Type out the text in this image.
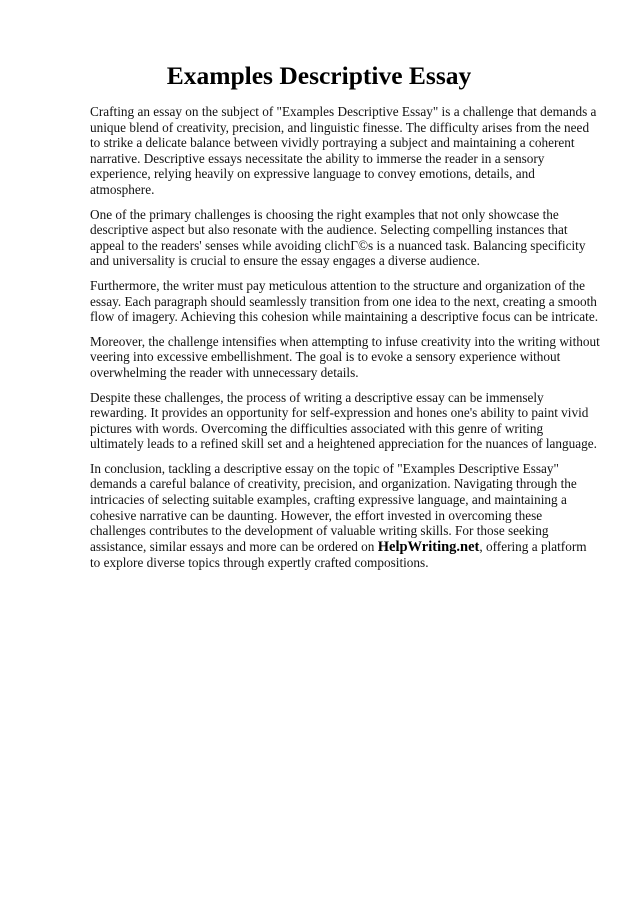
Examples Descriptive Essay

Crafting an essay on the subject of "Examples Descriptive Essay" is a challenge that demands a unique blend of creativity, precision, and linguistic finesse. The difficulty arises from the need to strike a delicate balance between vividly portraying a subject and maintaining a coherent narrative. Descriptive essays necessitate the ability to immerse the reader in a sensory experience, relying heavily on expressive language to convey emotions, details, and atmosphere.

One of the primary challenges is choosing the right examples that not only showcase the descriptive aspect but also resonate with the audience. Selecting compelling instances that appeal to the readers' senses while avoiding clichΓ©s is a nuanced task. Balancing specificity and universality is crucial to ensure the essay engages a diverse audience.

Furthermore, the writer must pay meticulous attention to the structure and organization of the essay. Each paragraph should seamlessly transition from one idea to the next, creating a smooth flow of imagery. Achieving this cohesion while maintaining a descriptive focus can be intricate.

Moreover, the challenge intensifies when attempting to infuse creativity into the writing without veering into excessive embellishment. The goal is to evoke a sensory experience without overwhelming the reader with unnecessary details.

Despite these challenges, the process of writing a descriptive essay can be immensely rewarding. It provides an opportunity for self-expression and hones one's ability to paint vivid pictures with words. Overcoming the difficulties associated with this genre of writing ultimately leads to a refined skill set and a heightened appreciation for the nuances of language.

In conclusion, tackling a descriptive essay on the topic of "Examples Descriptive Essay" demands a careful balance of creativity, precision, and organization. Navigating through the intricacies of selecting suitable examples, crafting expressive language, and maintaining a cohesive narrative can be daunting. However, the effort invested in overcoming these challenges contributes to the development of valuable writing skills. For those seeking assistance, similar essays and more can be ordered on HelpWriting.net, offering a platform to explore diverse topics through expertly crafted compositions.
